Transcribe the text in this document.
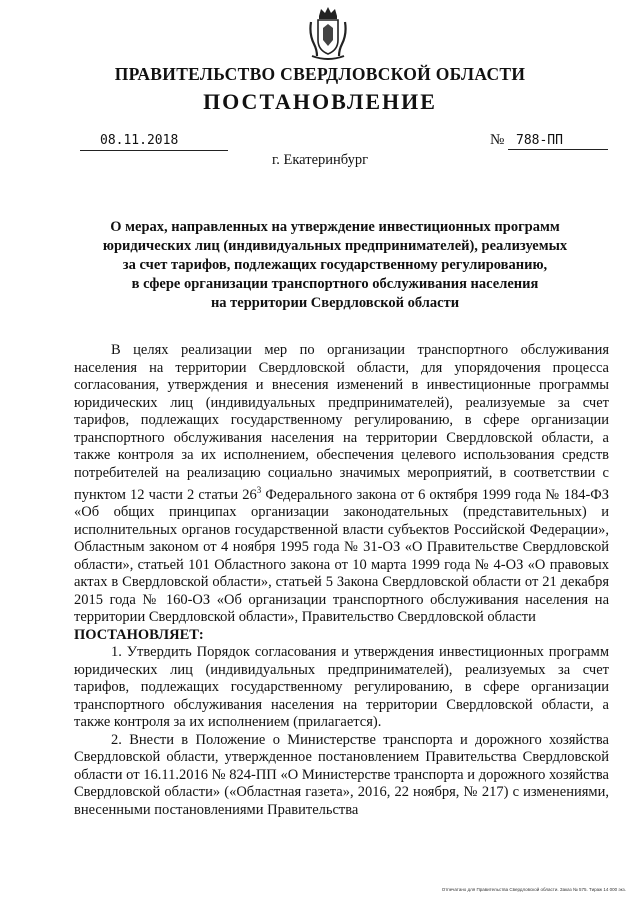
ПРАВИТЕЛЬСТВО СВЕРДЛОВСКОЙ ОБЛАСТИ
ПОСТАНОВЛЕНИЕ
08.11.2018	№ 788-ПП
г. Екатеринбург
О мерах, направленных на утверждение инвестиционных программ
юридических лиц (индивидуальных предпринимателей), реализуемых
за счет тарифов, подлежащих государственному регулированию,
в сфере организации транспортного обслуживания населения
на территории Свердловской области

В целях реализации мер по организации транспортного обслуживания населения на территории Свердловской области, для упорядочения процесса согласования, утверждения и внесения изменений в инвестиционные программы юридических лиц (индивидуальных предпринимателей), реализуемые за счет тарифов, подлежащих государственному регулированию, в сфере организации транспортного обслуживания населения на территории Свердловской области, а также контроля за их исполнением, обеспечения целевого использования средств потребителей на реализацию социально значимых мероприятий, в соответствии с пунктом 12 части 2 статьи $26^3$ Федерального закона от 6 октября 1999 года № 184-ФЗ «Об общих принципах организации законодательных (представительных) и исполнительных органов государственной власти субъектов Российской Федерации», Областным законом от 4 ноября 1995 года № 31-ОЗ «О Правительстве Свердловской области», статьей 101 Областного закона от 10 марта 1999 года № 4-ОЗ «О правовых актах в Свердловской области», статьей 5 Закона Свердловской области от 21 декабря 2015 года № 160-ОЗ «Об организации транспортного обслуживания населения на территории Свердловской области», Правительство Свердловской области

ПОСТАНОВЛЯЕТ:

1. Утвердить Порядок согласования и утверждения инвестиционных программ юридических лиц (индивидуальных предпринимателей), реализуемых за счет тарифов, подлежащих государственному регулированию, в сфере организации транспортного обслуживания населения на территории Свердловской области, а также контроля за их исполнением (прилагается).

2. Внести в Положение о Министерстве транспорта и дорожного хозяйства Свердловской области, утвержденное постановлением Правительства Свердловской области от 16.11.2016 № 824-ПП «О Министерстве транспорта и дорожного хозяйства Свердловской области» («Областная газета», 2016, 22 ноября, № 217) с изменениями, внесенными постановлениями Правительства

Отпечатано для Правительства Свердловской области. Заказ № 575. Тираж 14 000 экз.
